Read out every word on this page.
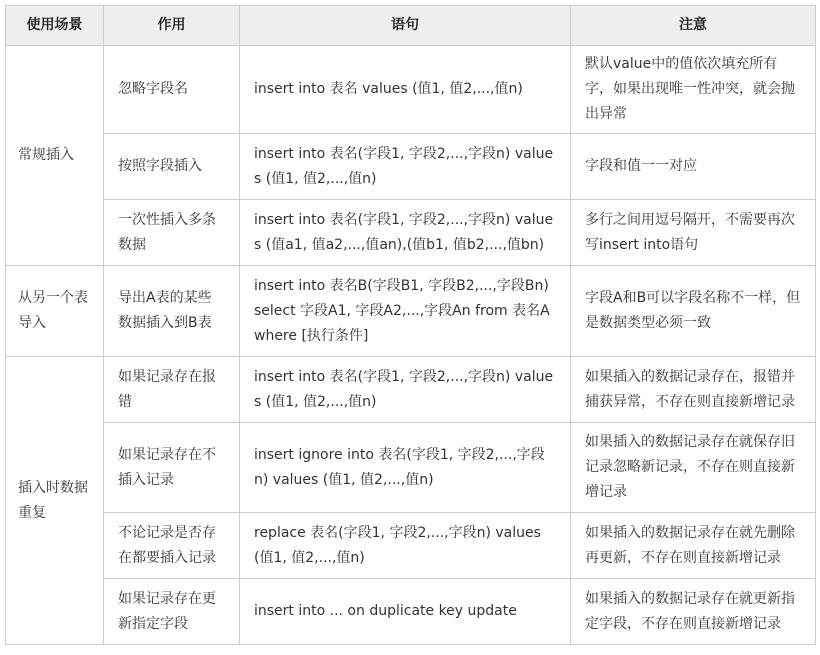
使用场景	作用	语句	注意
常规插入	忽略字段名	insert into 表名 values (值1, 值2,...,值n)	默认value中的值依次填充所有字，如果出现唯一性冲突，就会抛出异常
	按照字段插入	insert into 表名(字段1, 字段2,...,字段n) values (值1, 值2,...,值n)	字段和值一一对应
	一次性插入多条数据	insert into 表名(字段1, 字段2,...,字段n) values (值a1, 值a2,...,值an),(值b1, 值b2,...,值bn)	多行之间用逗号隔开，不需要再次写insert into语句
从另一个表导入	导出A表的某些数据插入到B表	insert into 表名B(字段B1, 字段B2,...,字段Bn) select 字段A1, 字段A2,...,字段An from 表名A where [执行条件]	字段A和B可以字段名称不一样，但是数据类型必须一致
插入时数据重复	如果记录存在报错	insert into 表名(字段1, 字段2,...,字段n) values (值1, 值2,...,值n)	如果插入的数据记录存在，报错并捕获异常，不存在则直接新增记录
	如果记录存在不插入记录	insert ignore into 表名(字段1, 字段2,...,字段n) values (值1, 值2,...,值n)	如果插入的数据记录存在就保存旧记录忽略新记录，不存在则直接新增记录
	不论记录是否存在都要插入记录	replace 表名(字段1, 字段2,...,字段n) values (值1, 值2,...,值n)	如果插入的数据记录存在就先删除再更新，不存在则直接新增记录
	如果记录存在更新指定字段	insert into ... on duplicate key update	如果插入的数据记录存在就更新指定字段，不存在则直接新增记录
